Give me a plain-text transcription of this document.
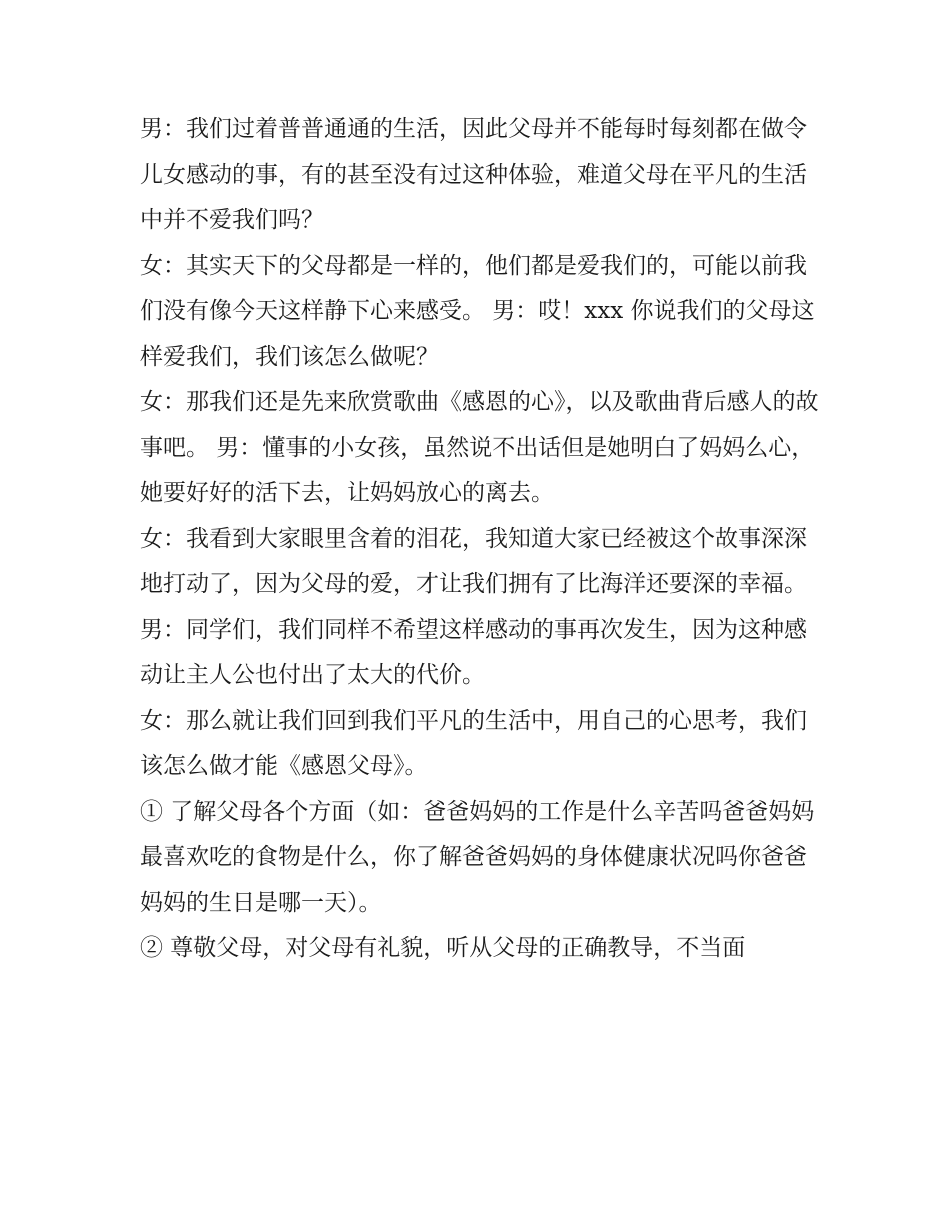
男：我们过着普普通通的生活，因此父母并不能每时每刻都在做令儿女感动的事，有的甚至没有过这种体验，难道父母在平凡的生活中并不爱我们吗？

女：其实天下的父母都是一样的，他们都是爱我们的，可能以前我们没有像今天这样静下心来感受。 男：哎！xxx 你说我们的父母这样爱我们，我们该怎么做呢？

女：那我们还是先来欣赏歌曲《感恩的心》，以及歌曲背后感人的故事吧。 男：懂事的小女孩，虽然说不出话但是她明白了妈妈么心，她要好好的活下去，让妈妈放心的离去。

女：我看到大家眼里含着的泪花，我知道大家已经被这个故事深深地打动了，因为父母的爱，才让我们拥有了比海洋还要深的幸福。

男：同学们，我们同样不希望这样感动的事再次发生，因为这种感动让主人公也付出了太大的代价。

女：那么就让我们回到我们平凡的生活中，用自己的心思考，我们该怎么做才能《感恩父母》。

① 了解父母各个方面（如：爸爸妈妈的工作是什么辛苦吗爸爸妈妈最喜欢吃的食物是什么，你了解爸爸妈妈的身体健康状况吗你爸爸妈妈的生日是哪一天）。

② 尊敬父母，对父母有礼貌，听从父母的正确教导，不当面
